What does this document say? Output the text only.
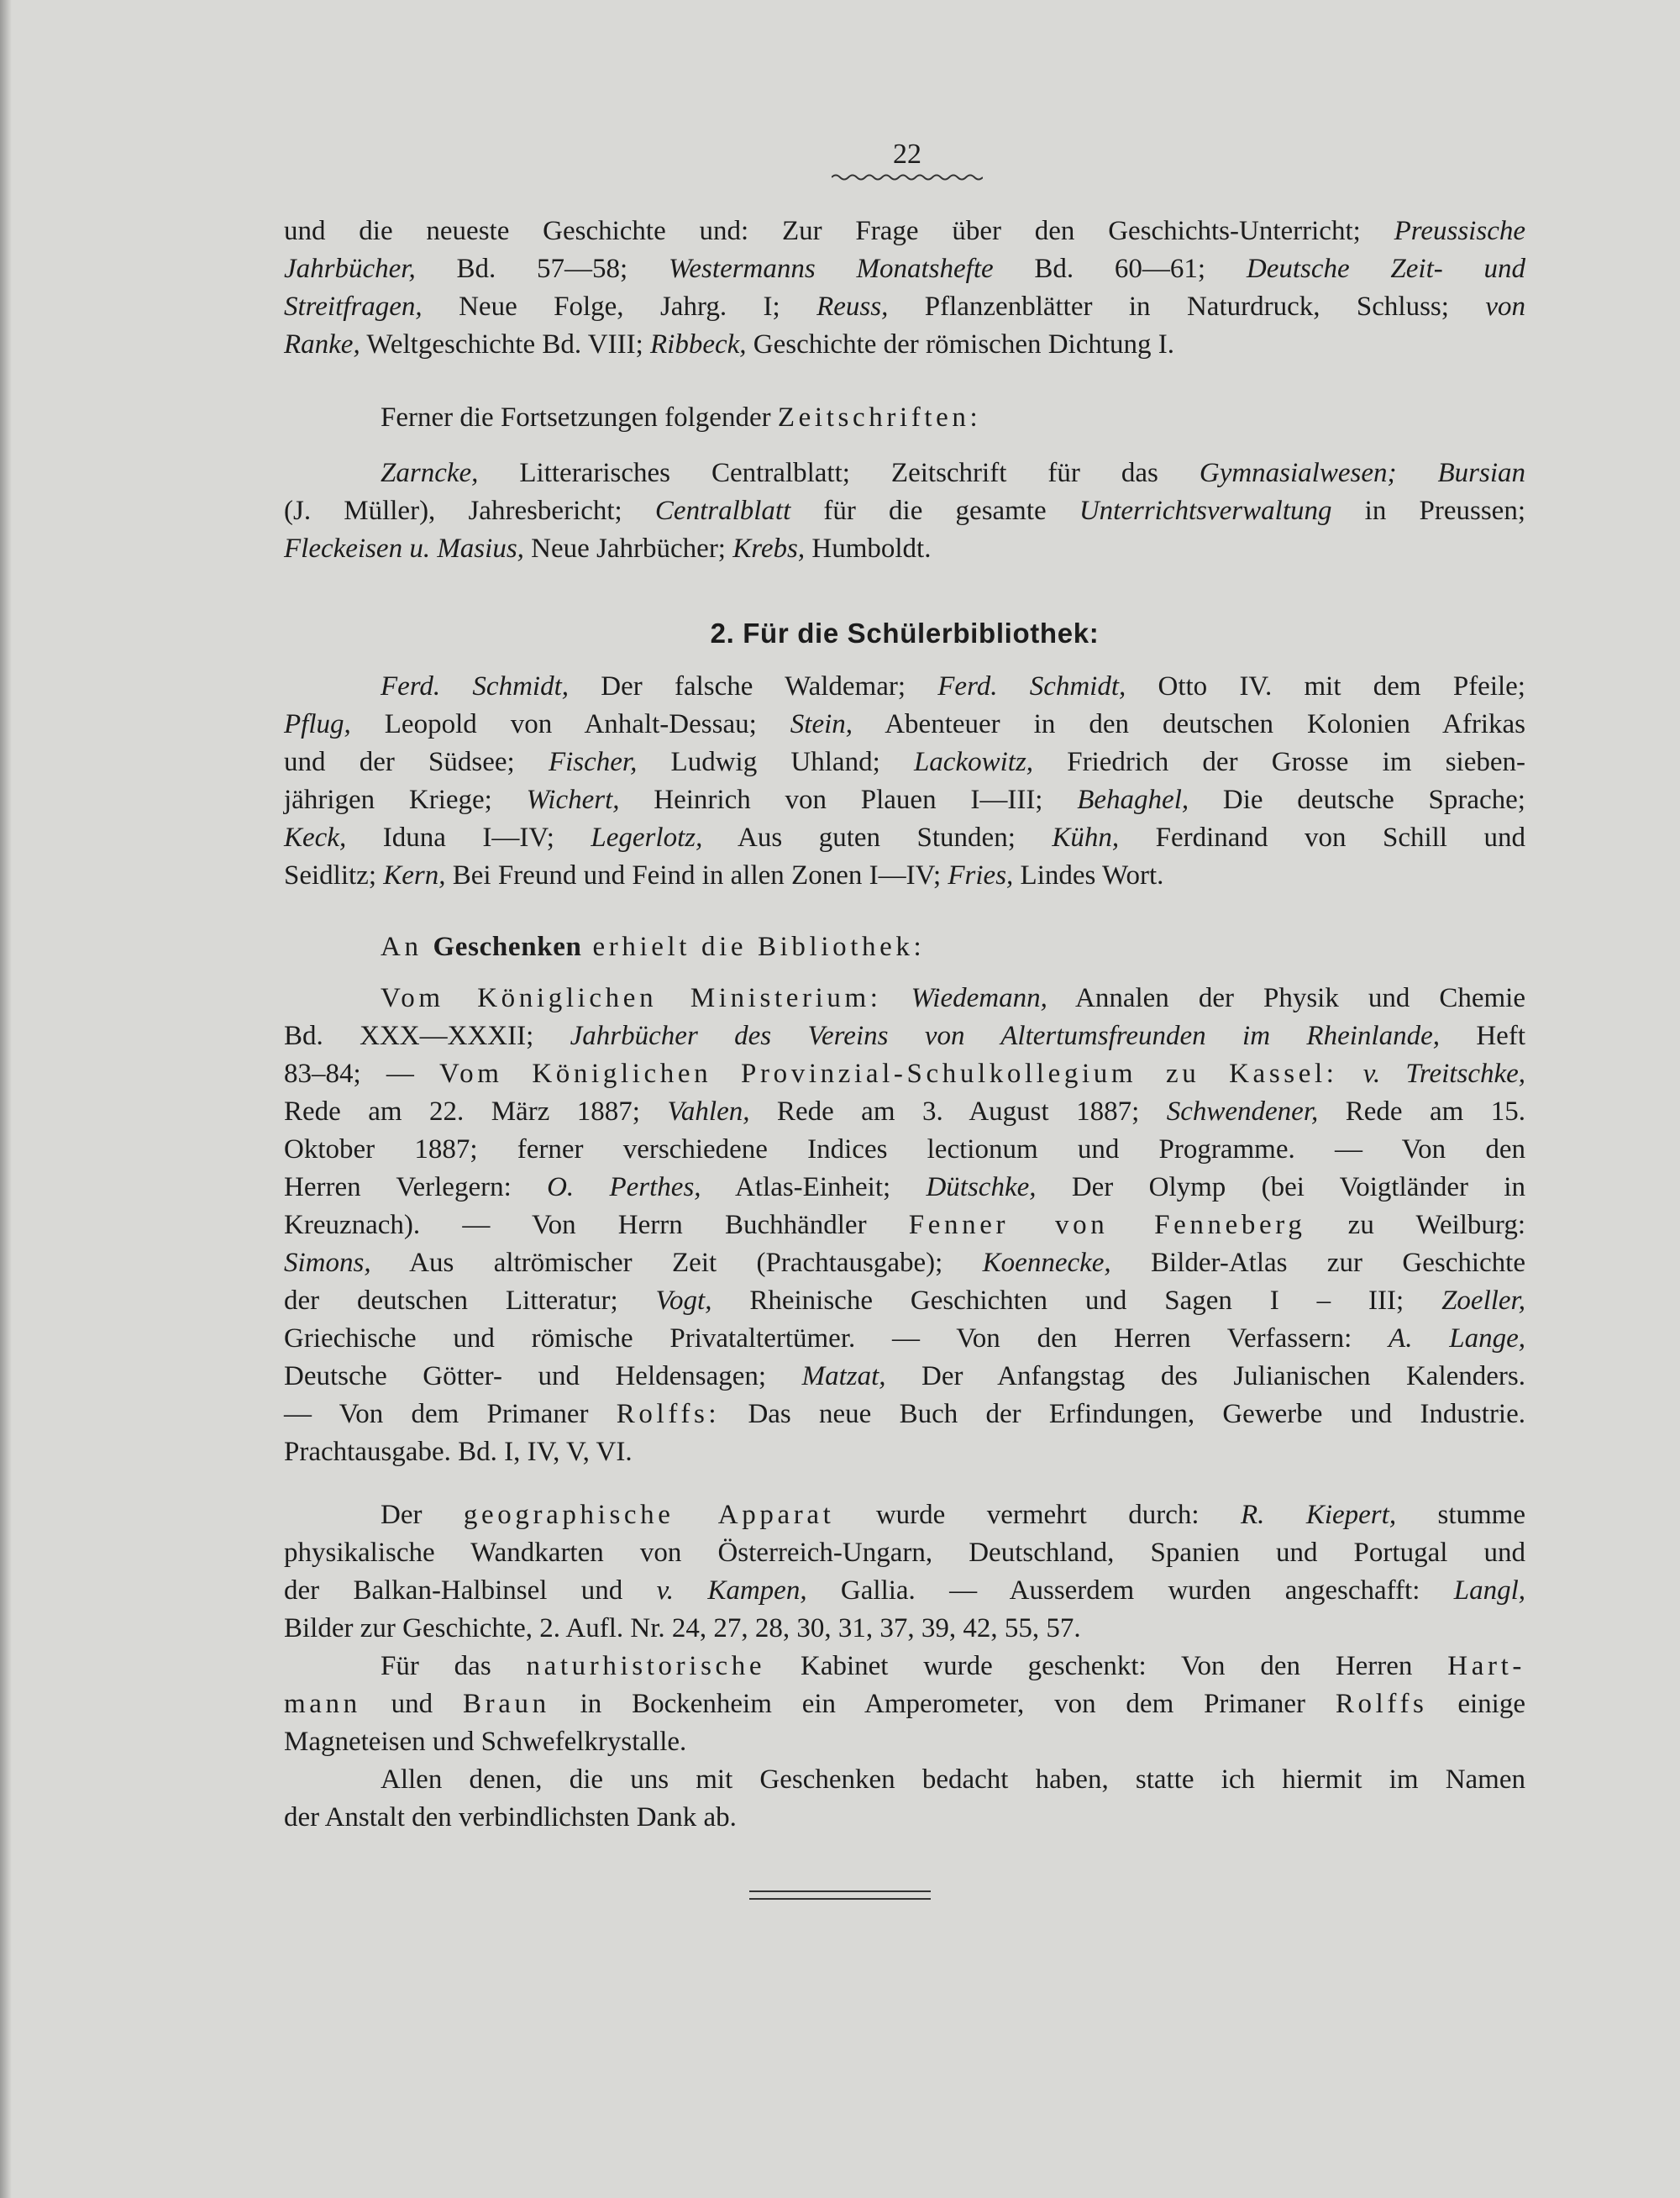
22
2. Für die Schülerbibliothek:
und die neueste Geschichte und: Zur Frage über den Geschichts-Unterricht; Preussische
Jahrbücher, Bd. 57—58; Westermanns Monatshefte Bd. 60—61; Deutsche Zeit- und
Streitfragen, Neue Folge, Jahrg. I; Reuss, Pflanzenblätter in Naturdruck, Schluss; von
Ranke, Weltgeschichte Bd. VIII; Ribbeck, Geschichte der römischen Dichtung I.
Ferner die Fortsetzungen folgender Zeitschriften:
Zarncke, Litterarisches Centralblatt; Zeitschrift für das Gymnasialwesen; Bursian
(J. Müller), Jahresbericht; Centralblatt für die gesamte Unterrichtsverwaltung in Preussen;
Fleckeisen u. Masius, Neue Jahrbücher; Krebs, Humboldt.
Ferd. Schmidt, Der falsche Waldemar; Ferd. Schmidt, Otto IV. mit dem Pfeile;
Pflug, Leopold von Anhalt-Dessau; Stein, Abenteuer in den deutschen Kolonien Afrikas
und der Südsee; Fischer, Ludwig Uhland; Lackowitz, Friedrich der Grosse im sieben-
jährigen Kriege; Wichert, Heinrich von Plauen I—III; Behaghel, Die deutsche Sprache;
Keck, Iduna I—IV; Legerlotz, Aus guten Stunden; Kühn, Ferdinand von Schill und
Seidlitz; Kern, Bei Freund und Feind in allen Zonen I—IV; Fries, Lindes Wort.
An Geschenken erhielt die Bibliothek:
Vom Königlichen Ministerium: Wiedemann, Annalen der Physik und Chemie
Bd. XXX—XXXII; Jahrbücher des Vereins von Altertumsfreunden im Rheinlande, Heft
83–84; — Vom Königlichen Provinzial-Schulkollegium zu Kassel: v. Treitschke,
Rede am 22. März 1887; Vahlen, Rede am 3. August 1887; Schwendener, Rede am 15.
Oktober 1887; ferner verschiedene Indices lectionum und Programme. — Von den
Herren Verlegern: O. Perthes, Atlas-Einheit; Dütschke, Der Olymp (bei Voigtländer in
Kreuznach). — Von Herrn Buchhändler Fenner von Fenneberg zu Weilburg:
Simons, Aus altrömischer Zeit (Prachtausgabe); Koennecke, Bilder-Atlas zur Geschichte
der deutschen Litteratur; Vogt, Rheinische Geschichten und Sagen I – III; Zoeller,
Griechische und römische Privataltertümer. — Von den Herren Verfassern: A. Lange,
Deutsche Götter- und Heldensagen; Matzat, Der Anfangstag des Julianischen Kalenders.
— Von dem Primaner Rolffs: Das neue Buch der Erfindungen, Gewerbe und Industrie.
Prachtausgabe. Bd. I, IV, V, VI.
Der geographische Apparat wurde vermehrt durch: R. Kiepert, stumme
physikalische Wandkarten von Österreich-Ungarn, Deutschland, Spanien und Portugal und
der Balkan-Halbinsel und v. Kampen, Gallia. — Ausserdem wurden angeschafft: Langl,
Bilder zur Geschichte, 2. Aufl. Nr. 24, 27, 28, 30, 31, 37, 39, 42, 55, 57.
Für das naturhistorische Kabinet wurde geschenkt: Von den Herren Hart-
mann und Braun in Bockenheim ein Amperometer, von dem Primaner Rolffs einige
Magneteisen und Schwefelkrystalle.
Allen denen, die uns mit Geschenken bedacht haben, statte ich hiermit im Namen
der Anstalt den verbindlichsten Dank ab.
